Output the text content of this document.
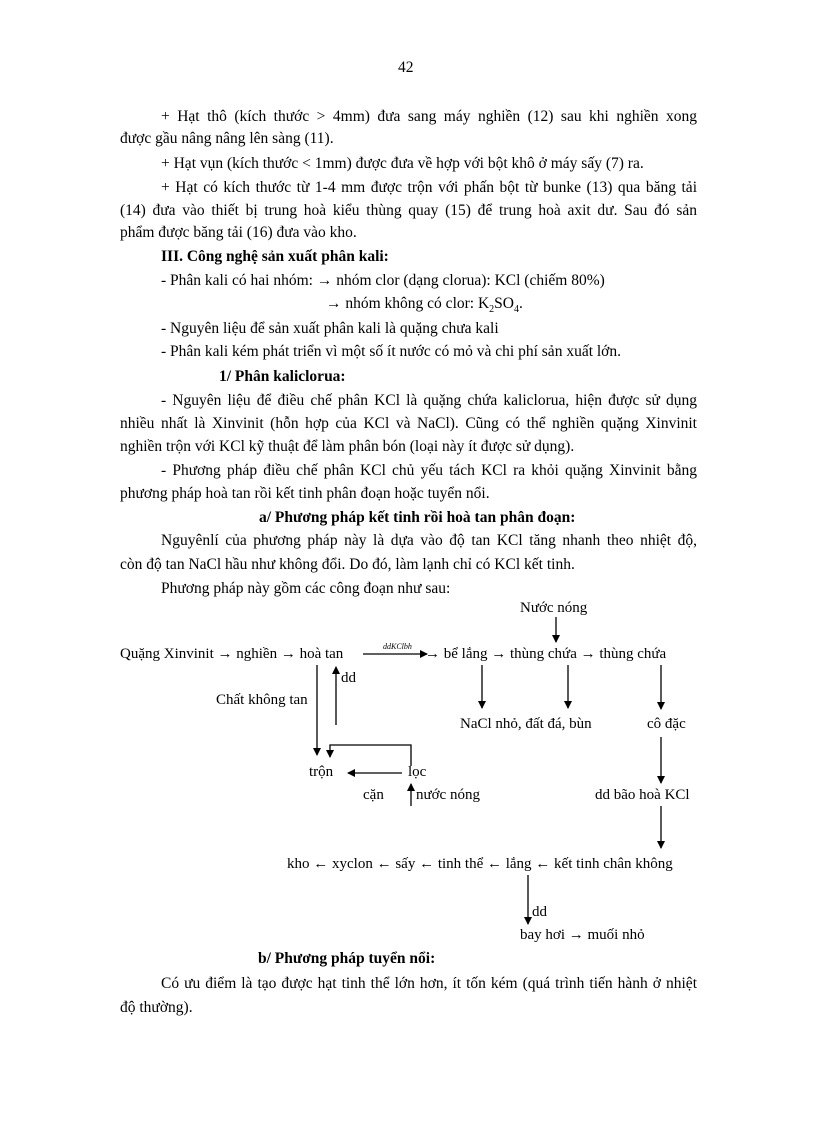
42
+ Hạt thô (kích thước > 4mm) đưa sang máy nghiền (12) sau khi nghiền xong
được gầu nâng nâng lên sàng (11).
+ Hạt vụn (kích thước < 1mm) được đưa về hợp với bột khô ở máy sấy (7) ra.
+ Hạt có kích thước từ 1-4 mm được trộn với phấn bột từ bunke (13) qua băng tải
(14) đưa vào thiết bị trung hoà kiểu thùng quay (15) để trung hoà axit dư. Sau đó sản
phẩm được băng tải (16) đưa vào kho.
III. Công nghệ sản xuất phân kali:
- Phân kali có hai nhóm: → nhóm clor (dạng clorua): KCl (chiếm 80%)
→ nhóm không có clor: $K_2SO_4$.
- Nguyên liệu để sản xuất phân kali là quặng chưa kali
- Phân kali kém phát triển vì một số ít nước có mỏ và chi phí sản xuất lớn.
1/ Phân kaliclorua:
- Nguyên liệu để điều chế phân KCl là quặng chứa kaliclorua, hiện được sử dụng
nhiều nhất là Xinvinit (hỗn hợp của KCl và NaCl). Cũng có thể nghiền quặng Xinvinit
nghiền trộn với KCl kỹ thuật để làm phân bón (loại này ít được sử dụng).
- Phương pháp điều chế phân KCl chủ yếu tách KCl ra khỏi quặng Xinvinit bằng
phương pháp hoà tan rồi kết tinh phân đoạn hoặc tuyển nổi.
a/ Phương pháp kết tinh rồi hoà tan phân đoạn:
Nguyênlí của phương pháp này là dựa vào độ tan KCl tăng nhanh theo nhiệt độ,
còn độ tan NaCl hầu như không đổi. Do đó, làm lạnh chỉ có KCl kết tinh.
Phương pháp này gồm các công đoạn như sau:
Nước nóng
Quặng Xinvinit → nghiền → hoà tan	ddKClbh → bể lắng → thùng chứa → thùng chứa
dd
Chất không tan
NaCl nhỏ, đất đá, bùn	cô đặc
trộn	lọc
cặn nước nóng	dd bão hoà KCl
kho ← xyclon ← sấy ← tinh thể ← lắng ← kết tinh chân không
dd
bay hơi → muối nhỏ
b/ Phương pháp tuyển nổi:
Có ưu điểm là tạo được hạt tinh thể lớn hơn, ít tốn kém (quá trình tiến hành ở nhiệt
độ thường).
